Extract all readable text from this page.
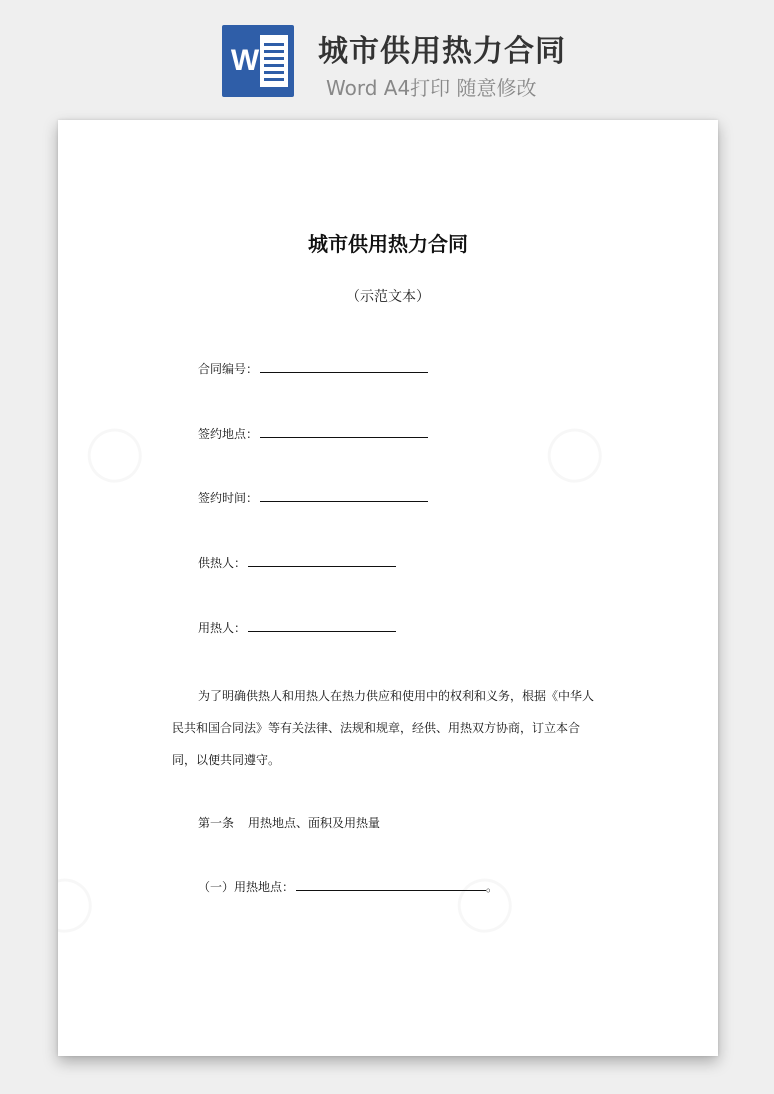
W 城市供用热力合同
Word A4打印 随意修改
城市供用热力合同
（示范文本）
合同编号：
签约地点：
签约时间：
供热人：
用热人：
为了明确供热人和用热人在热力供应和使用中的权利和义务，根据《中华人民共和国合同法》等有关法律、法规和规章，经供、用热双方协商，订立本合同，以便共同遵守。
第一条 用热地点、面积及用热量
（一）用热地点：	。
